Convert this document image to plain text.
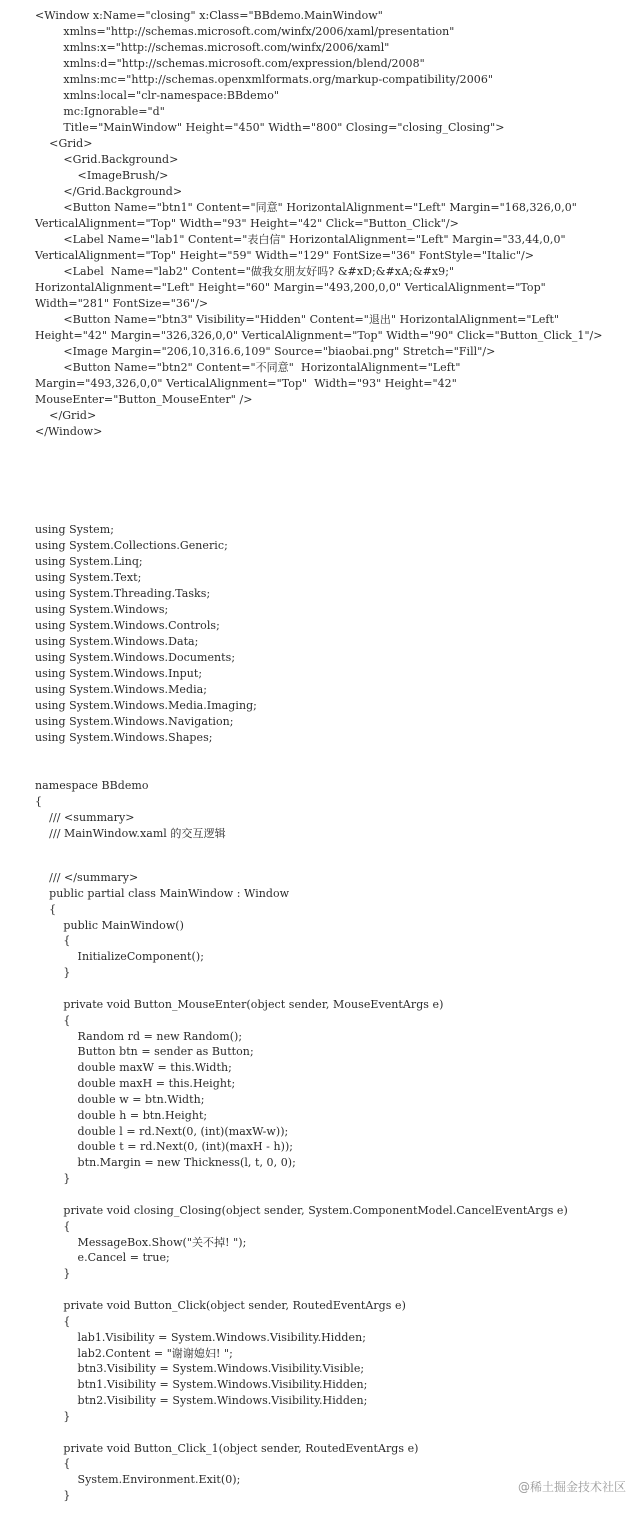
<Window x:Name="closing" x:Class="BBdemo.MainWindow"
xmlns="http://schemas.microsoft.com/winfx/2006/xaml/presentation"
xmlns:x="http://schemas.microsoft.com/winfx/2006/xaml"
xmlns:d="http://schemas.microsoft.com/expression/blend/2008"
xmlns:mc="http://schemas.openxmlformats.org/markup-compatibility/2006"
xmlns:local="clr-namespace:BBdemo"
mc:Ignorable="d"
Title="MainWindow" Height="450" Width="800" Closing="closing_Closing">
<Grid>
<Grid.Background>
<ImageBrush/>
</Grid.Background>
<Button Name="btn1" Content="同意" HorizontalAlignment="Left" Margin="168,326,0,0"
VerticalAlignment="Top" Width="93" Height="42" Click="Button_Click"/>
<Label Name="lab1" Content="表白信" HorizontalAlignment="Left" Margin="33,44,0,0"
VerticalAlignment="Top" Height="59" Width="129" FontSize="36" FontStyle="Italic"/>
<Label  Name="lab2" Content="做我女朋友好吗? &#xD;&#xA;&#x9;"
HorizontalAlignment="Left" Height="60" Margin="493,200,0,0" VerticalAlignment="Top"
Width="281" FontSize="36"/>
<Button Name="btn3" Visibility="Hidden" Content="退出" HorizontalAlignment="Left"
Height="42" Margin="326,326,0,0" VerticalAlignment="Top" Width="90" Click="Button_Click_1"/>
<Image Margin="206,10,316.6,109" Source="biaobai.png" Stretch="Fill"/>
<Button Name="btn2" Content="不同意"  HorizontalAlignment="Left"
Margin="493,326,0,0" VerticalAlignment="Top"  Width="93" Height="42"
MouseEnter="Button_MouseEnter" />
</Grid>
</Window>
using System;
using System.Collections.Generic;
using System.Linq;
using System.Text;
using System.Threading.Tasks;
using System.Windows;
using System.Windows.Controls;
using System.Windows.Data;
using System.Windows.Documents;
using System.Windows.Input;
using System.Windows.Media;
using System.Windows.Media.Imaging;
using System.Windows.Navigation;
using System.Windows.Shapes;
namespace BBdemo
{
/// <summary>
/// MainWindow.xaml 的交互逻辑
/// </summary>
public partial class MainWindow : Window
{
public MainWindow()
{
InitializeComponent();
}
private void Button_MouseEnter(object sender, MouseEventArgs e)
{
Random rd = new Random();
Button btn = sender as Button;
double maxW = this.Width;
double maxH = this.Height;
double w = btn.Width;
double h = btn.Height;
double l = rd.Next(0, (int)(maxW-w));
double t = rd.Next(0, (int)(maxH - h));
btn.Margin = new Thickness(l, t, 0, 0);
}
private void closing_Closing(object sender, System.ComponentModel.CancelEventArgs e)
{
MessageBox.Show("关不掉! ");
e.Cancel = true;
}
private void Button_Click(object sender, RoutedEventArgs e)
{
lab1.Visibility = System.Windows.Visibility.Hidden;
lab2.Content = "谢谢媳妇! ";
btn3.Visibility = System.Windows.Visibility.Visible;
btn1.Visibility = System.Windows.Visibility.Hidden;
btn2.Visibility = System.Windows.Visibility.Hidden;
}
private void Button_Click_1(object sender, RoutedEventArgs e)
{
System.Environment.Exit(0);
}
@稀土掘金技术社区
